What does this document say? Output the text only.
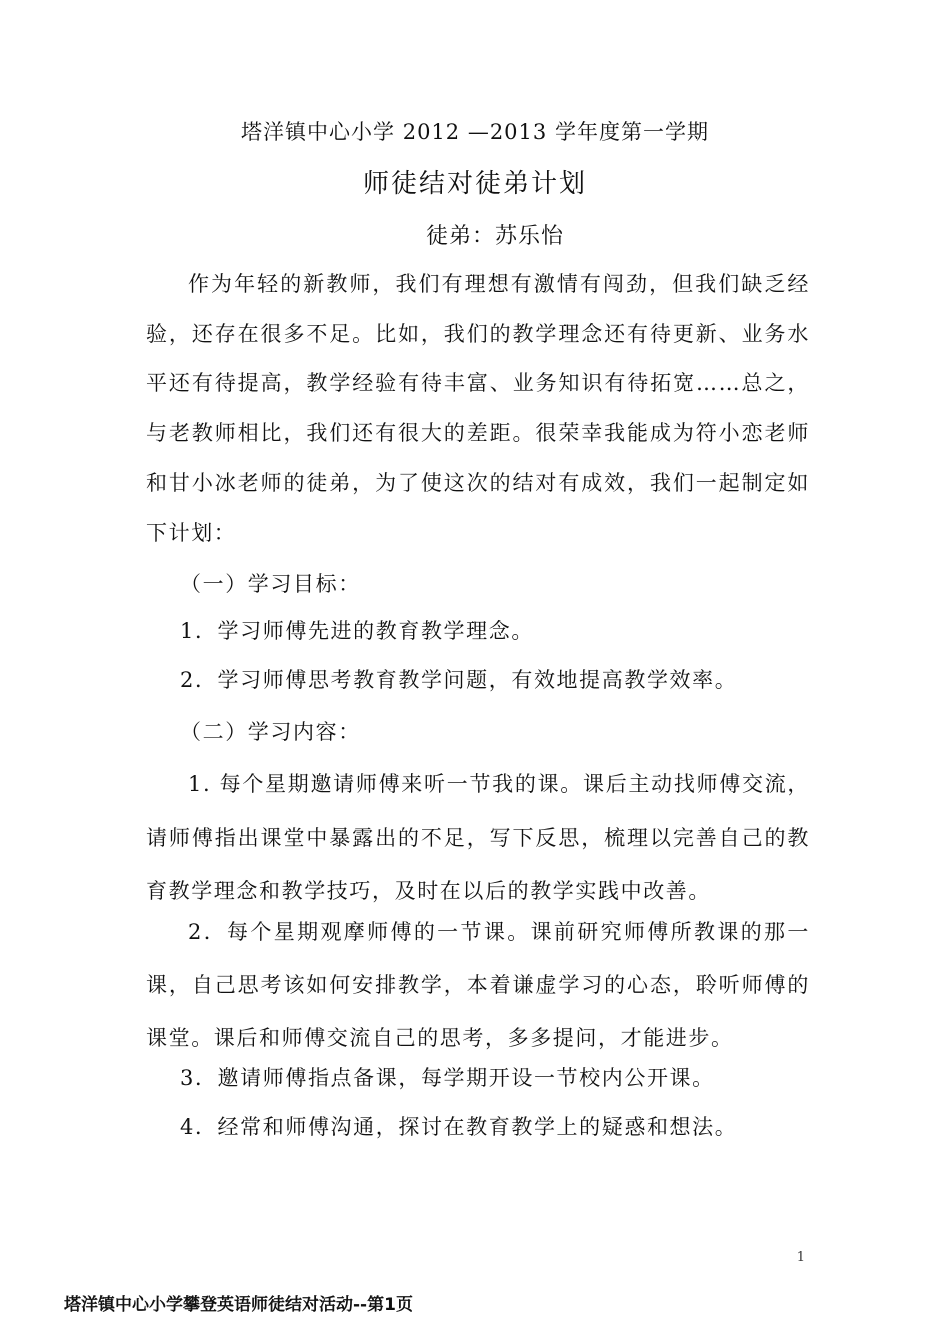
塔洋镇中心小学 2012 —2013 学年度第一学期
师徒结对徒弟计划
徒弟：苏乐怡

作为年轻的新教师，我们有理想有激情有闯劲，但我们缺乏经验，还存在很多不足。比如，我们的教学理念还有待更新、业务水平还有待提高，教学经验有待丰富、业务知识有待拓宽……总之，与老教师相比，我们还有很大的差距。很荣幸我能成为符小恋老师和甘小冰老师的徒弟，为了使这次的结对有成效，我们一起制定如下计划：

（一）学习目标：
1．学习师傅先进的教育教学理念。
2．学习师傅思考教育教学问题，有效地提高教学效率。
（二）学习内容：

1. 每个星期邀请师傅来听一节我的课。课后主动找师傅交流，请师傅指出课堂中暴露出的不足，写下反思，梳理以完善自己的教育教学理念和教学技巧，及时在以后的教学实践中改善。

2．每个星期观摩师傅的一节课。课前研究师傅所教课的那一课，自己思考该如何安排教学，本着谦虚学习的心态，聆听师傅的课堂。课后和师傅交流自己的思考，多多提问，才能进步。

3．邀请师傅指点备课，每学期开设一节校内公开课。
4．经常和师傅沟通，探讨在教育教学上的疑惑和想法。
1
塔洋镇中心小学攀登英语师徒结对活动--第1页
